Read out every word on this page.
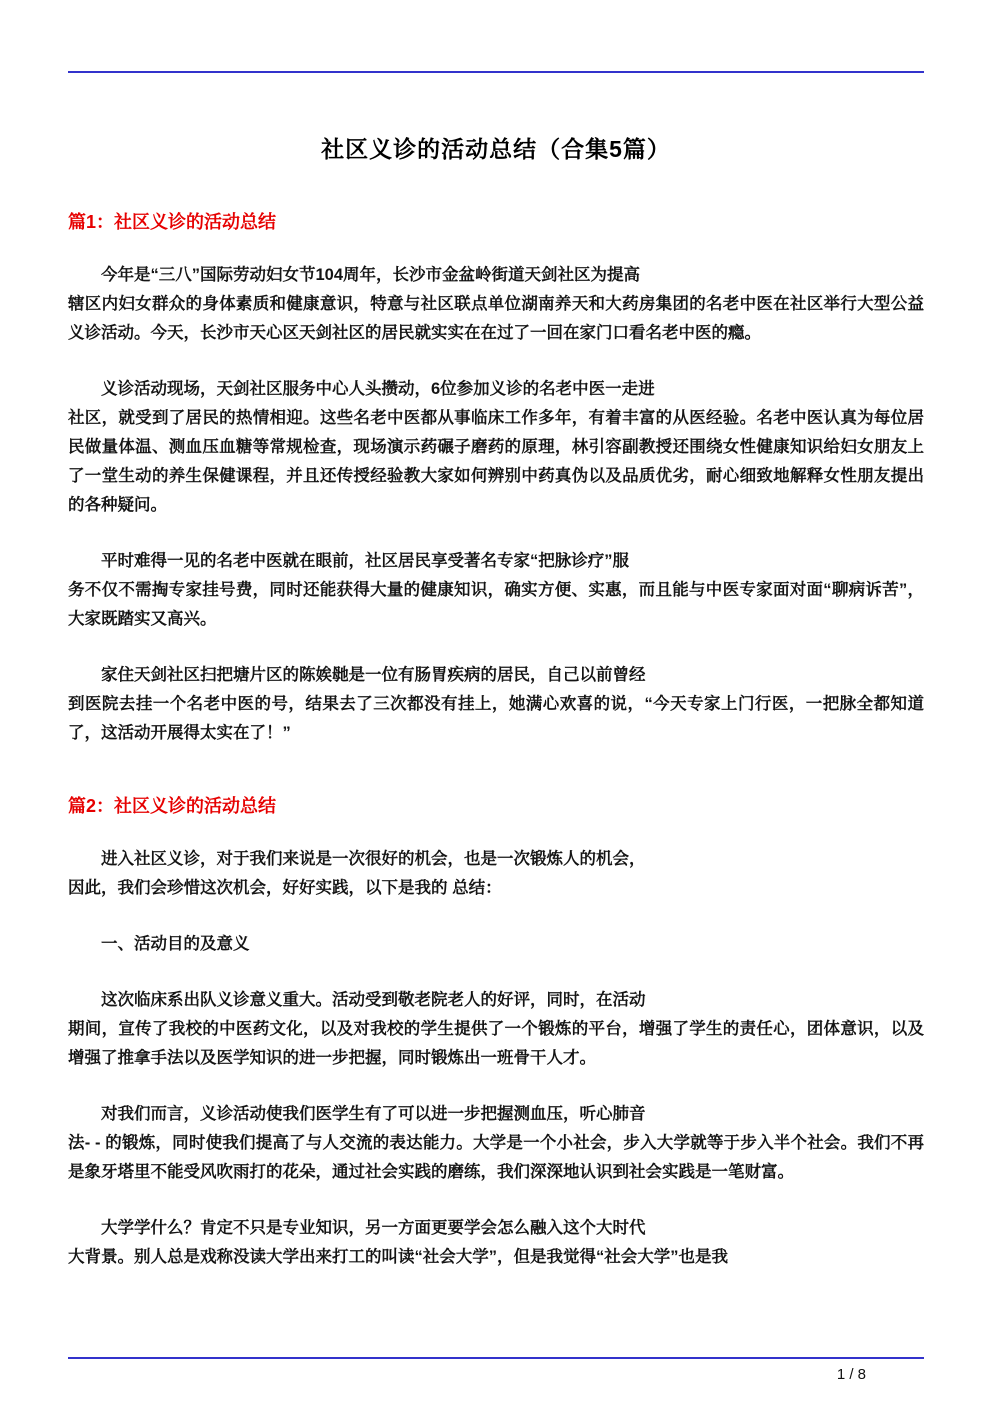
社区义诊的活动总结（合集5篇）
篇1：社区义诊的活动总结

今年是“三八”国际劳动妇女节104周年，长沙市金盆岭街道天剑社区为提高
辖区内妇女群众的身体素质和健康意识，特意与社区联点单位湖南养天和大药房集团的名老中医在社区举行大型公益义诊活动。今天，长沙市天心区天剑社区的居民就实实在在过了一回在家门口看名老中医的瘾。

义诊活动现场，天剑社区服务中心人头攒动，6位参加义诊的名老中医一走进
社区，就受到了居民的热情相迎。这些名老中医都从事临床工作多年，有着丰富的从医经验。名老中医认真为每位居民做量体温、测血压血糖等常规检查，现场演示药碾子磨药的原理，林引容副教授还围绕女性健康知识给妇女朋友上了一堂生动的养生保健课程，并且还传授经验教大家如何辨别中药真伪以及品质优劣，耐心细致地解释女性朋友提出的各种疑问。

平时难得一见的名老中医就在眼前，社区居民享受著名专家“把脉诊疗”服
务不仅不需掏专家挂号费，同时还能获得大量的健康知识，确实方便、实惠，而且能与中医专家面对面“聊病诉苦”，大家既踏实又高兴。

家住天剑社区扫把塘片区的陈娭毑是一位有肠胃疾病的居民，自己以前曾经
到医院去挂一个名老中医的号，结果去了三次都没有挂上，她满心欢喜的说，“今天专家上门行医，一把脉全都知道了，这活动开展得太实在了！”

篇2：社区义诊的活动总结

进入社区义诊，对于我们来说是一次很好的机会，也是一次锻炼人的机会，
因此，我们会珍惜这次机会，好好实践，以下是我的 总结：

一、活动目的及意义

这次临床系出队义诊意义重大。活动受到敬老院老人的好评，同时，在活动
期间，宣传了我校的中医药文化，以及对我校的学生提供了一个锻炼的平台，增强了学生的责任心，团体意识，以及增强了推拿手法以及医学知识的进一步把握，同时锻炼出一班骨干人才。

对我们而言，义诊活动使我们医学生有了可以进一步把握测血压，听心肺音
法- - 的锻炼，同时使我们提高了与人交流的表达能力。大学是一个小社会，步入大学就等于步入半个社会。我们不再是象牙塔里不能受风吹雨打的花朵，通过社会实践的磨练，我们深深地认识到社会实践是一笔财富。

大学学什么？肯定不只是专业知识，另一方面更要学会怎么融入这个大时代
大背景。别人总是戏称没读大学出来打工的叫读“社会大学”，但是我觉得“社会大学”也是我

1 / 8
